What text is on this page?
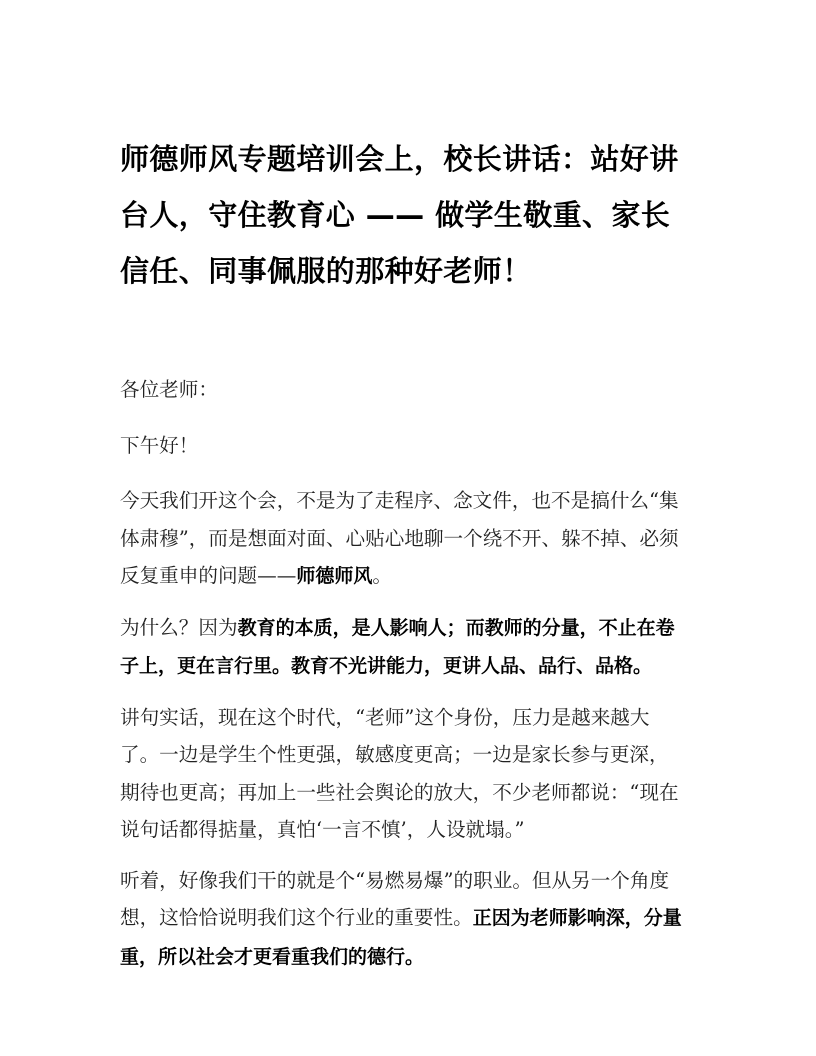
师德师风专题培训会上，校长讲话：站好讲台人，守住教育心 —— 做学生敬重、家长信任、同事佩服的那种好老师！

各位老师：

下午好！

今天我们开这个会，不是为了走程序、念文件，也不是搞什么“集体肃穆”，而是想面对面、心贴心地聊一个绕不开、躲不掉、必须反复重申的问题——师德师风。

为什么？因为教育的本质，是人影响人；而教师的分量，不止在卷子上，更在言行里。教育不光讲能力，更讲人品、品行、品格。

讲句实话，现在这个时代，“老师”这个身份，压力是越来越大了。一边是学生个性更强，敏感度更高；一边是家长参与更深，期待也更高；再加上一些社会舆论的放大，不少老师都说：“现在说句话都得掂量，真怕‘一言不慎’，人设就塌。”

听着，好像我们干的就是个“易燃易爆”的职业。但从另一个角度想，这恰恰说明我们这个行业的重要性。正因为老师影响深，分量重，所以社会才更看重我们的德行。
